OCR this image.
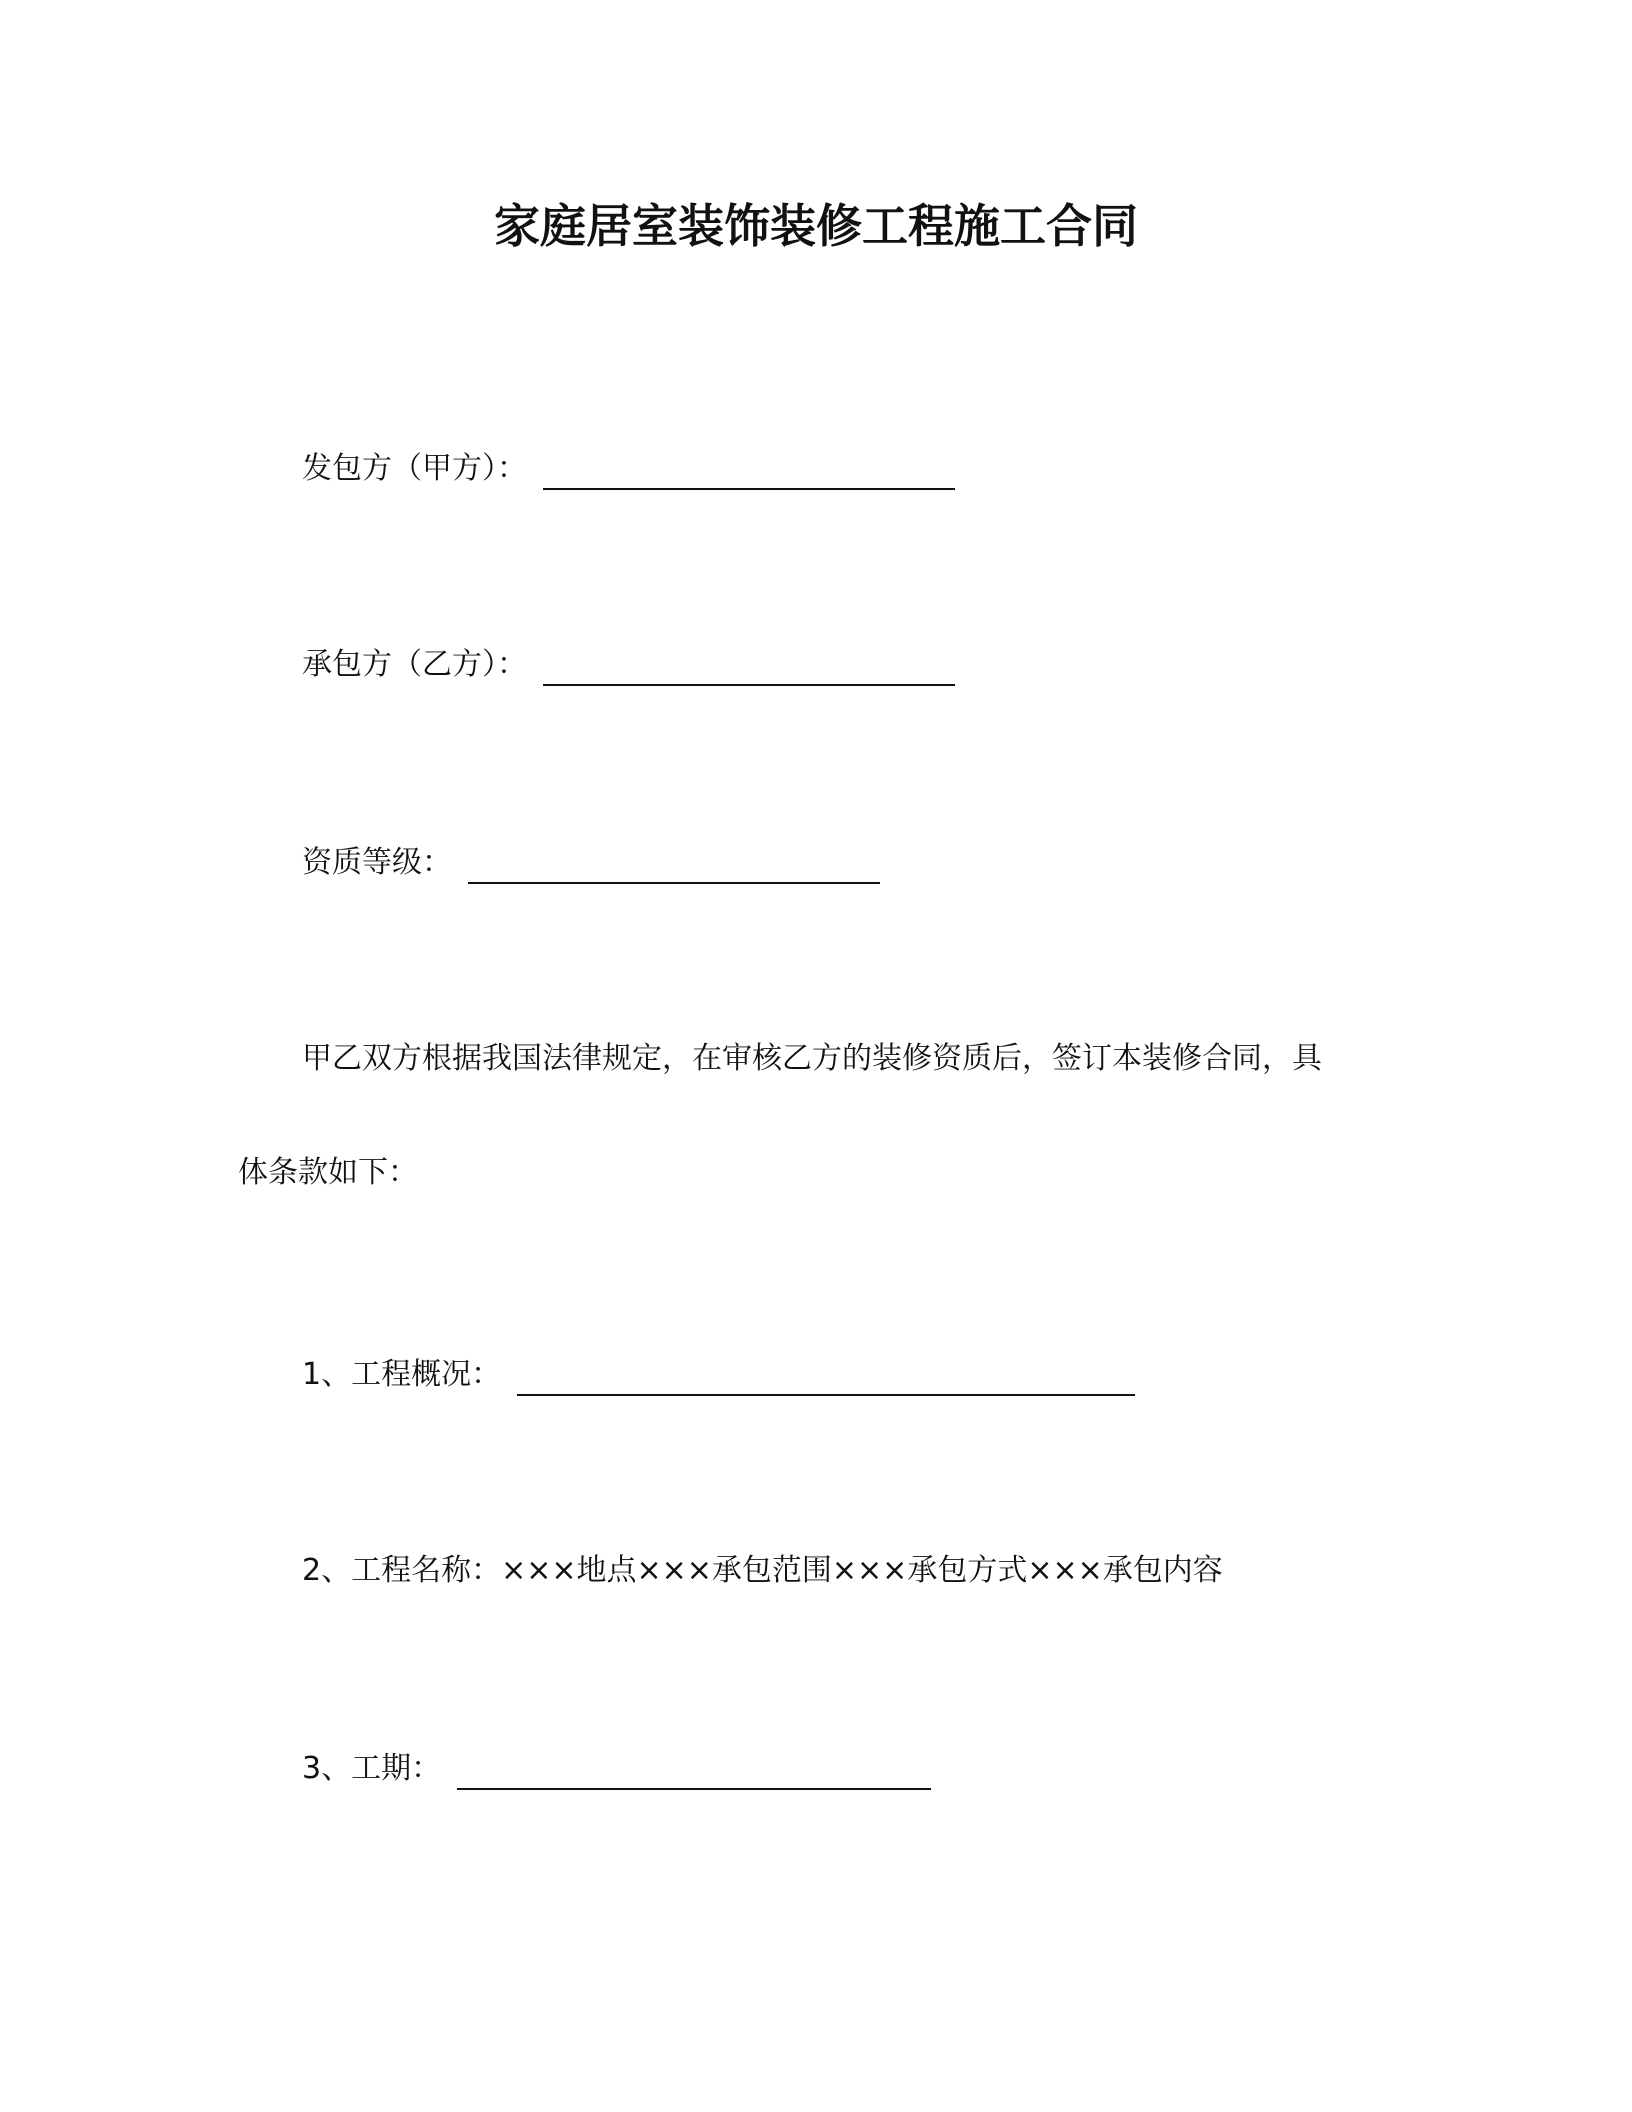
家庭居室装饰装修工程施工合同
发包方（甲方）：
承包方（乙方）：
资质等级：
甲乙双方根据我国法律规定，在审核乙方的装修资质后，签订本装修合同，具
体条款如下：
1、工程概况：
2、工程名称：×××地点×××承包范围×××承包方式×××承包内容
3、工期：
